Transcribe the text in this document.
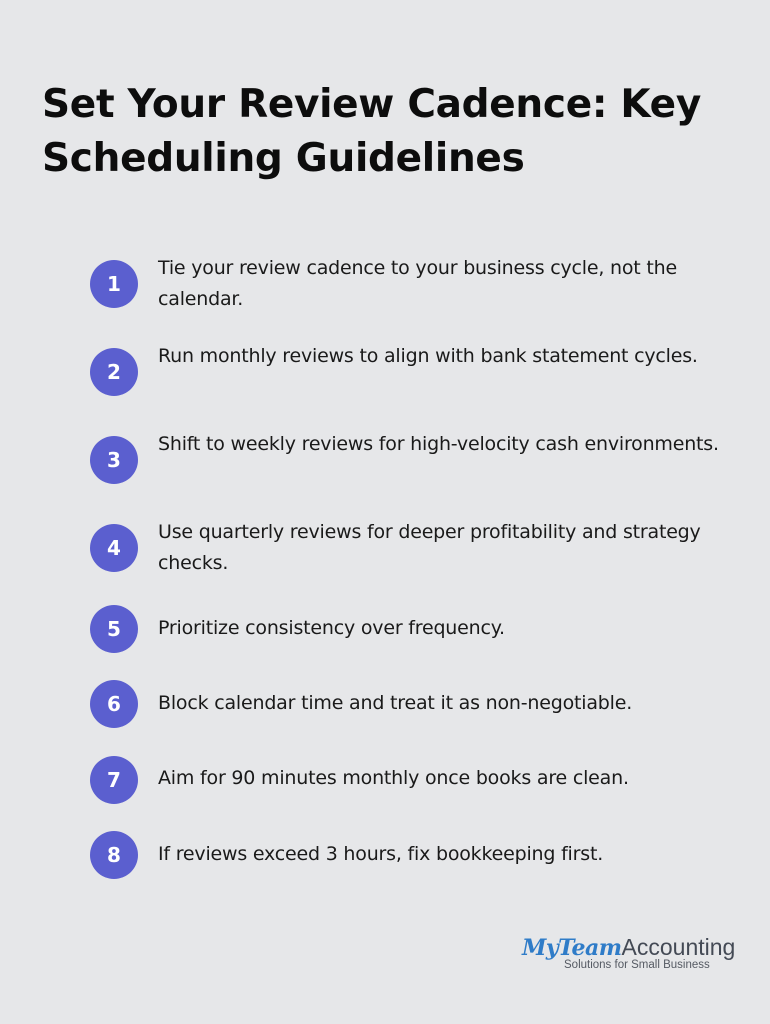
Set Your Review Cadence: Key Scheduling Guidelines
1
Tie your review cadence to your business cycle, not the calendar.
2
Run monthly reviews to align with bank statement cycles.
3
Shift to weekly reviews for high-velocity cash environments.
4
Use quarterly reviews for deeper profitability and strategy checks.
5	Prioritize consistency over frequency.
6	Block calendar time and treat it as non-negotiable.
7	Aim for 90 minutes monthly once books are clean.
8	If reviews exceed 3 hours, fix bookkeeping first.
MyTeamAccounting
Solutions for Small Business
